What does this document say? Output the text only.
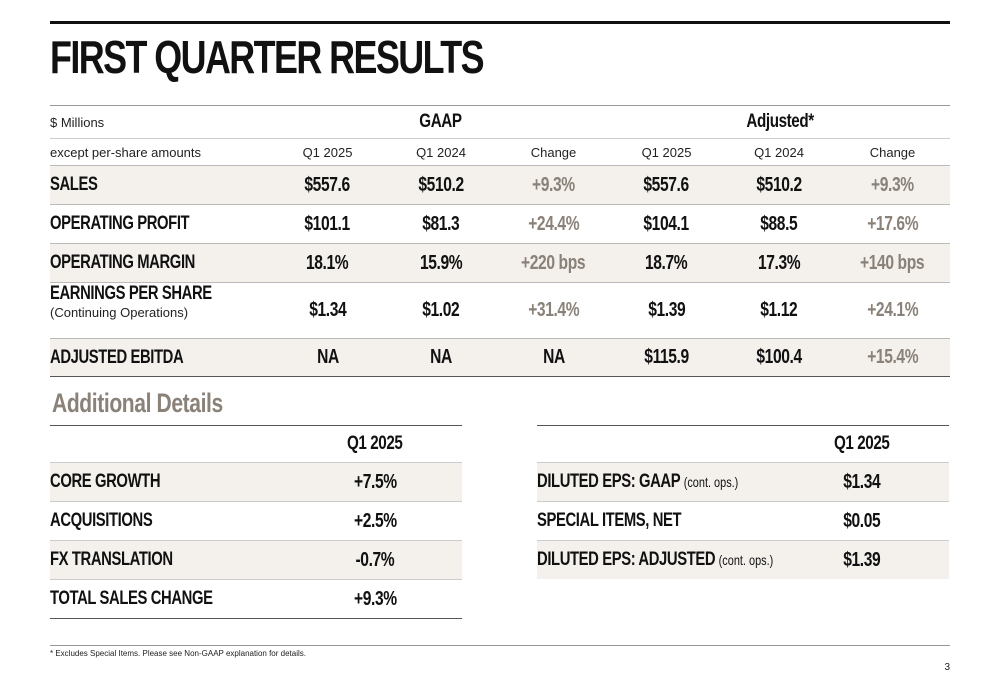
FIRST QUARTER RESULTS
$ Millions	GAAP	Adjusted*
except per-share amounts	Q1 2025	Q1 2024	Change	Q1 2025	Q1 2024	Change
SALES	$557.6	$510.2	+9.3%	$557.6	$510.2	+9.3%
OPERATING PROFIT	$101.1	$81.3	+24.4%	$104.1	$88.5	+17.6%
OPERATING MARGIN	18.1%	15.9%	+220 bps	18.7%	17.3%	+140 bps
EARNINGS PER SHARE
(Continuing Operations)	$1.34	$1.02	+31.4%	$1.39	$1.12	+24.1%
ADJUSTED EBITDA	NA	NA	NA	$115.9	$100.4	+15.4%
Additional Details
Q1 2025
CORE GROWTH	+7.5%
ACQUISITIONS	+2.5%
FX TRANSLATION	-0.7%
TOTAL SALES CHANGE	+9.3%
Q1 2025
DILUTED EPS: GAAP (cont. ops.)	$1.34
SPECIAL ITEMS, NET	$0.05
DILUTED EPS: ADJUSTED (cont. ops.)	$1.39
* Excludes Special Items. Please see Non-GAAP explanation for details.
3
